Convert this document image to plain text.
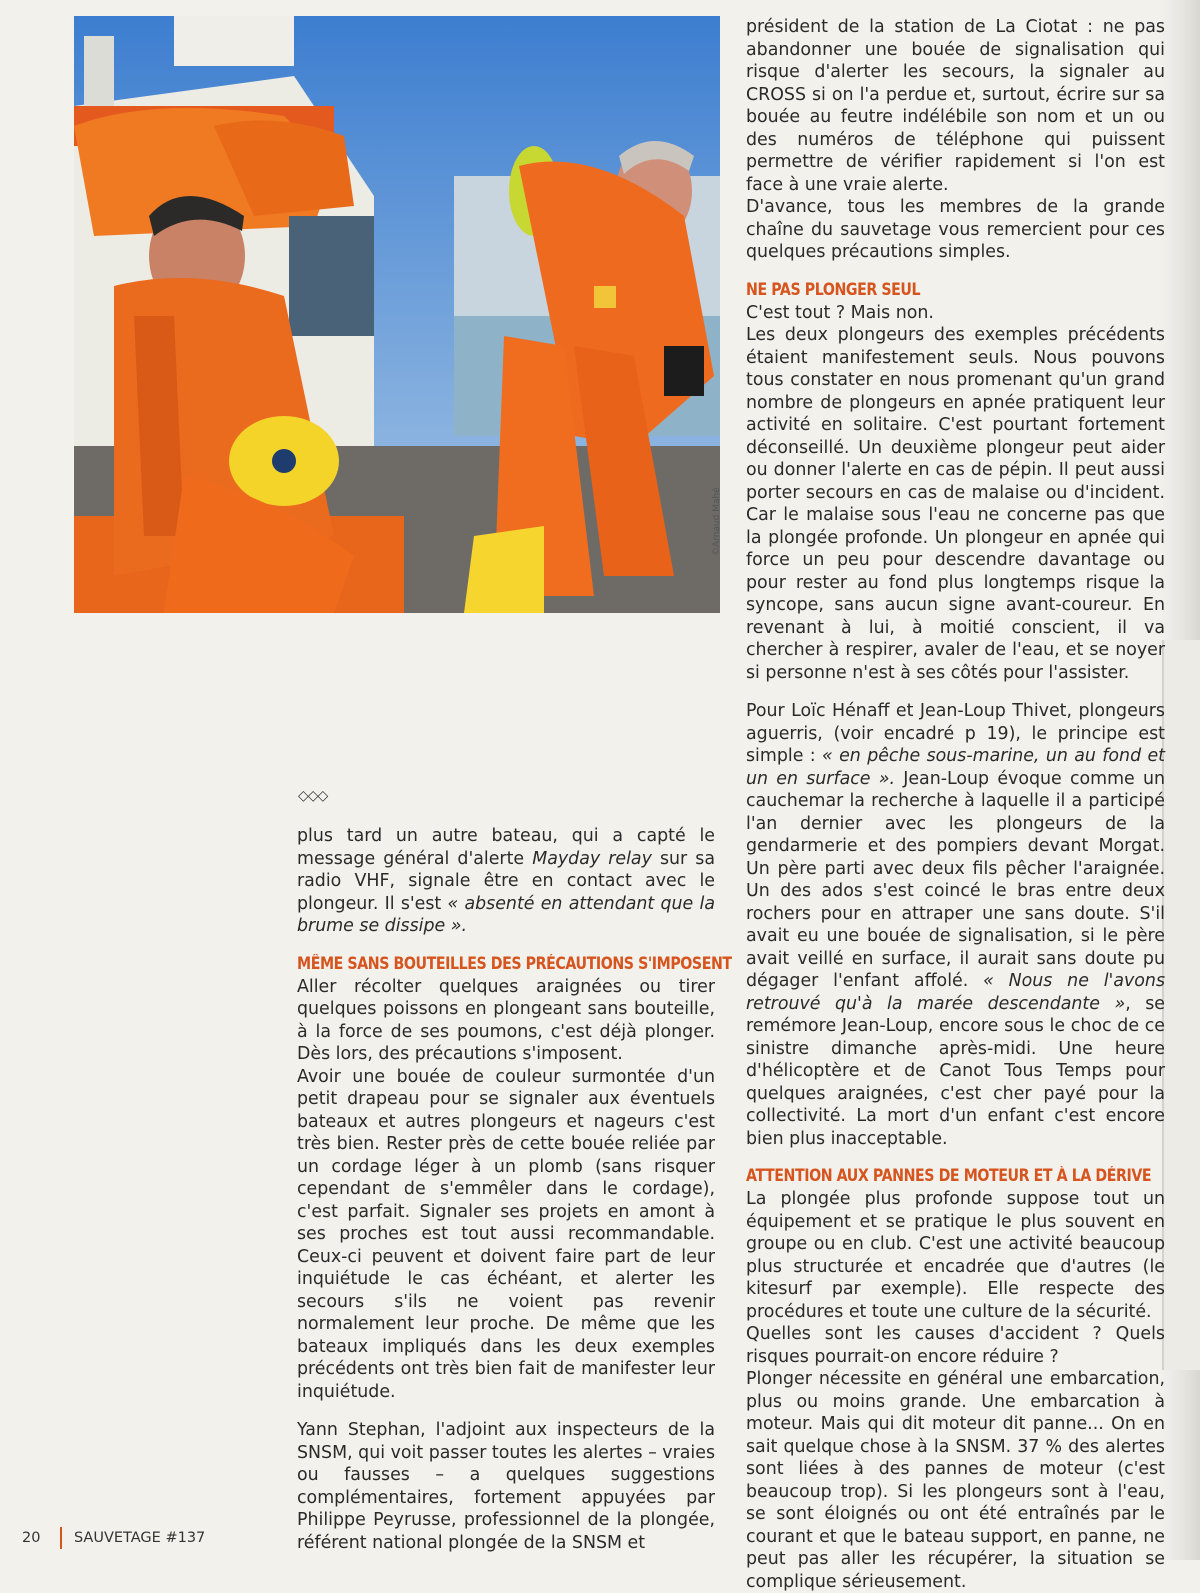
©Arnaud Mahé
◇◇◇

plus tard un autre bateau, qui a capté le message général d'alerte Mayday relay sur sa radio VHF, signale être en contact avec le plongeur. Il s'est « absenté en attendant que la brume se dissipe ».

MÊME SANS BOUTEILLES DES PRÉCAUTIONS S'IMPOSENT

Aller récolter quelques araignées ou tirer quelques poissons en plongeant sans bouteille, à la force de ses poumons, c'est déjà plonger. Dès lors, des précautions s'imposent.

Avoir une bouée de couleur surmontée d'un petit drapeau pour se signaler aux éventuels bateaux et autres plongeurs et nageurs c'est très bien. Rester près de cette bouée reliée par un cordage léger à un plomb (sans risquer cependant de s'emmêler dans le cordage), c'est parfait. Signaler ses projets en amont à ses proches est tout aussi recommandable. Ceux-ci peuvent et doivent faire part de leur inquiétude le cas échéant, et alerter les secours s'ils ne voient pas revenir normalement leur proche. De même que les bateaux impliqués dans les deux exemples précédents ont très bien fait de manifester leur inquiétude.

Yann Stephan, l'adjoint aux inspecteurs de la SNSM, qui voit passer toutes les alertes – vraies ou fausses – a quelques suggestions complémentaires, fortement appuyées par Philippe Peyrusse, professionnel de la plongée, référent national plongée de la SNSM et

président de la station de La Ciotat : ne pas abandonner une bouée de signalisation qui risque d'alerter les secours, la signaler au CROSS si on l'a perdue et, surtout, écrire sur sa bouée au feutre indélébile son nom et un ou des numéros de téléphone qui puissent permettre de vérifier rapidement si l'on est face à une vraie alerte.

D'avance, tous les membres de la grande chaîne du sauvetage vous remercient pour ces quelques précautions simples.

NE PAS PLONGER SEUL

C'est tout ? Mais non.

Les deux plongeurs des exemples précédents étaient manifestement seuls. Nous pouvons tous constater en nous promenant qu'un grand nombre de plongeurs en apnée pratiquent leur activité en solitaire. C'est pourtant fortement déconseillé. Un deuxième plongeur peut aider ou donner l'alerte en cas de pépin. Il peut aussi porter secours en cas de malaise ou d'incident. Car le malaise sous l'eau ne concerne pas que la plongée profonde. Un plongeur en apnée qui force un peu pour descendre davantage ou pour rester au fond plus longtemps risque la syncope, sans aucun signe avant-coureur. En revenant à lui, à moitié conscient, il va chercher à respirer, avaler de l'eau, et se noyer si personne n'est à ses côtés pour l'assister.

Pour Loïc Hénaff et Jean-Loup Thivet, plongeurs aguerris, (voir encadré p 19), le principe est simple : « en pêche sous-marine, un au fond et un en surface ». Jean-Loup évoque comme un cauchemar la recherche à laquelle il a participé l'an dernier avec les plongeurs de la gendarmerie et des pompiers devant Morgat. Un père parti avec deux fils pêcher l'araignée. Un des ados s'est coincé le bras entre deux rochers pour en attraper une sans doute. S'il avait eu une bouée de signalisation, si le père avait veillé en surface, il aurait sans doute pu dégager l'enfant affolé. « Nous ne l'avons retrouvé qu'à la marée descendante », se remémore Jean-Loup, encore sous le choc de ce sinistre dimanche après-midi. Une heure d'hélicoptère et de Canot Tous Temps pour quelques araignées, c'est cher payé pour la collectivité. La mort d'un enfant c'est encore bien plus inacceptable.

ATTENTION AUX PANNES DE MOTEUR ET À LA DÉRIVE

La plongée plus profonde suppose tout un équipement et se pratique le plus souvent en groupe ou en club. C'est une activité beaucoup plus structurée et encadrée que d'autres (le kitesurf par exemple). Elle respecte des procédures et toute une culture de la sécurité.

Quelles sont les causes d'accident ? Quels risques pourrait-on encore réduire ?

Plonger nécessite en général une embarcation, plus ou moins grande. Une embarcation à moteur. Mais qui dit moteur dit panne... On en sait quelque chose à la SNSM. 37 % des alertes sont liées à des pannes de moteur (c'est beaucoup trop). Si les plongeurs sont à l'eau, se sont éloignés ou ont été entraînés par le courant et que le bateau support, en panne, ne peut pas aller les récupérer, la situation se complique sérieusement.

20 SAUVETAGE #137
